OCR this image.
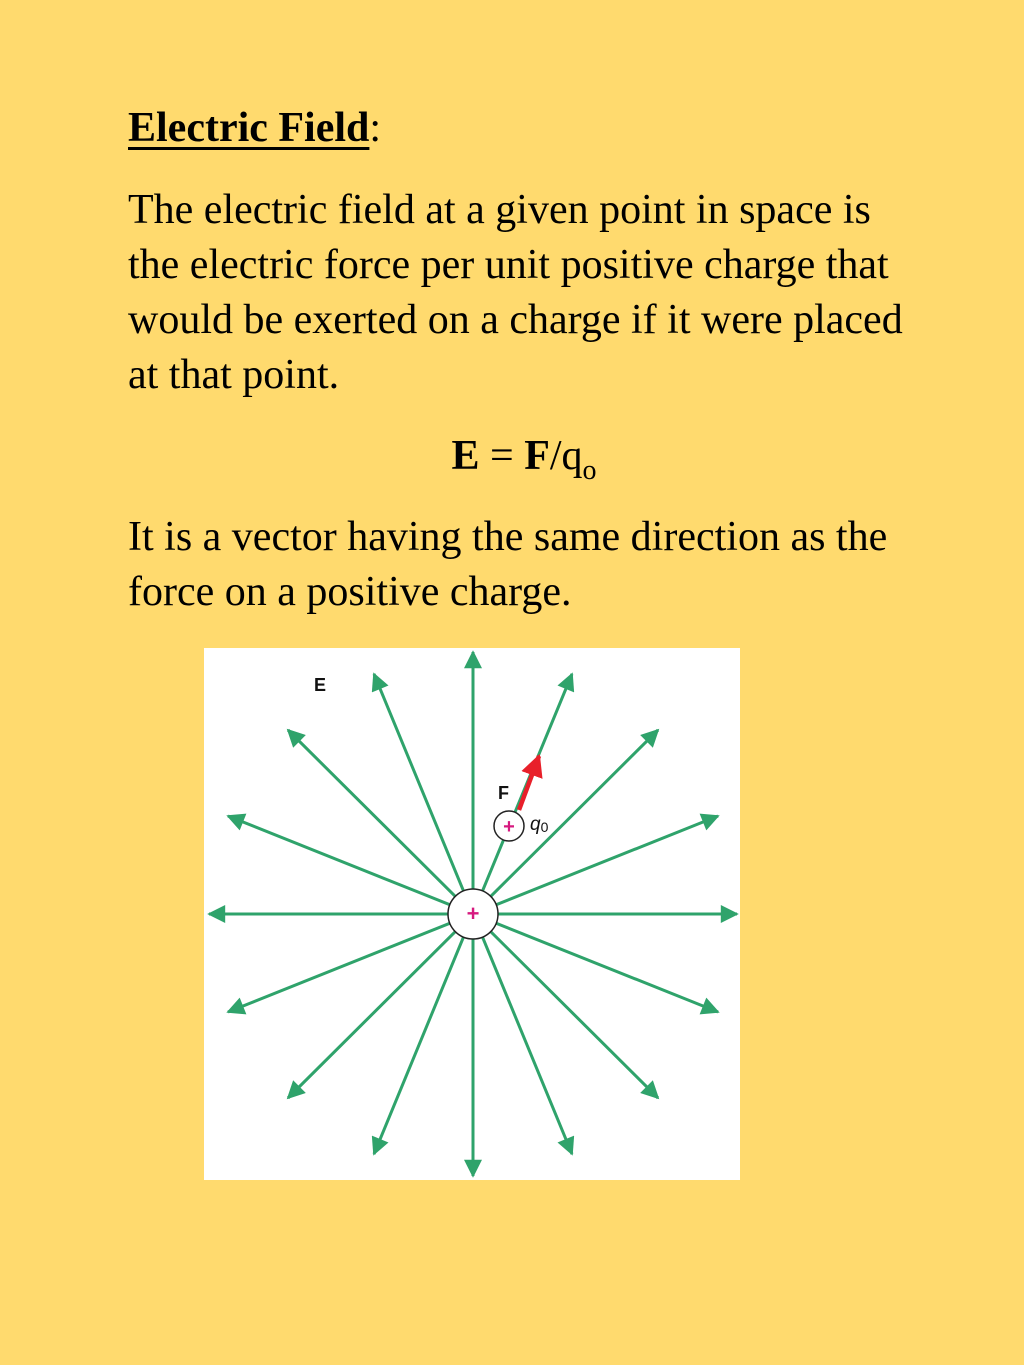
Electric Field:

The electric field at a given point in space is the electric force per unit positive charge that would be exerted on a charge if it were placed at that point.

$E = F/q_o$

It is a vector having the same direction as the force on a positive charge.

+
+
E
F
q0
